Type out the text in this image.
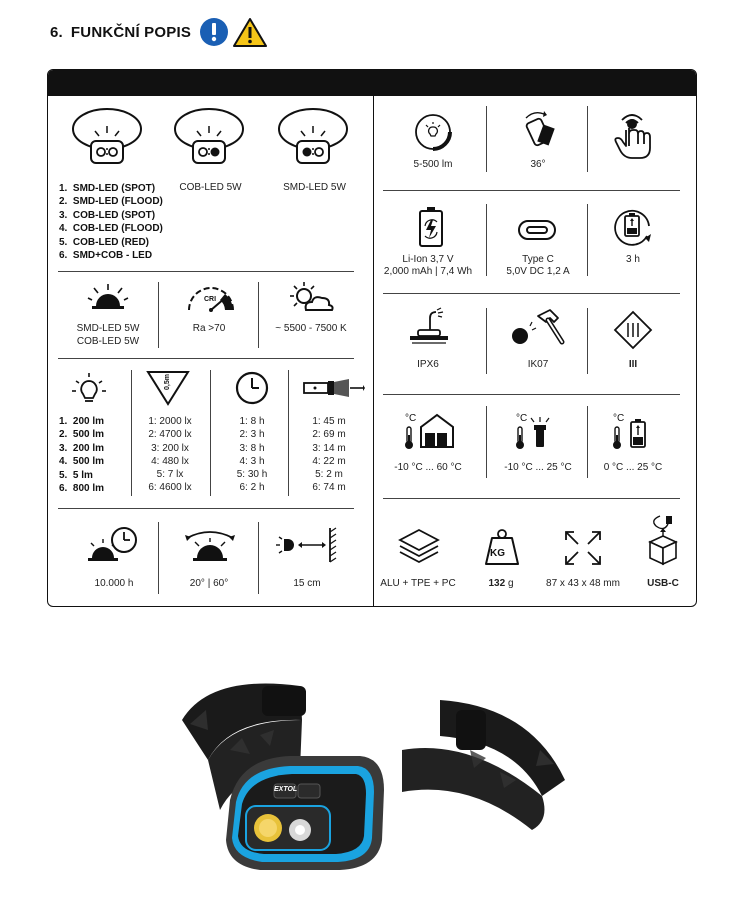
6. FUNKČNÍ POPIS
COB-LED 5W	SMD-LED 5W
1. SMD-LED (SPOT)
2. SMD-LED (FLOOD)
3. COB-LED (SPOT)
4. COB-LED (FLOOD)
5. COB-LED (RED)
6. SMD+COB - LED
SMD-LED 5W
COB-LED 5W
CRI
Ra >70	~ 5500 - 7500 K
1. 200 lm
2. 500 lm
3. 200 lm
4. 500 lm
5. 5 lm
6. 800 lm
0,5m
1: 2000 lx
2: 4700 lx
3: 200 lx
4: 480 lx
5: 7 lx
6: 4600 lx
1: 8 h
2: 3 h
3: 8 h
4: 3 h
5: 30 h
6: 2 h
1: 45 m
2: 69 m
3: 14 m
4: 22 m
5: 2 m
6: 74 m
10.000 h	20° | 60°	15 cm
5-500 lm	36°
Li-Ion 3,7 V
2,000 mAh | 7,4 Wh
Type C
5,0V DC 1,2 A
3 h
IPX6	IK07	III
°C
-10 °C ... 60 °C
°C
-10 °C ... 25 °C
°C
0 °C ... 25 °C
ALU + TPE + PC
KG
132 g	87 x 43 x 48 mm	USB-C
EXTOL
